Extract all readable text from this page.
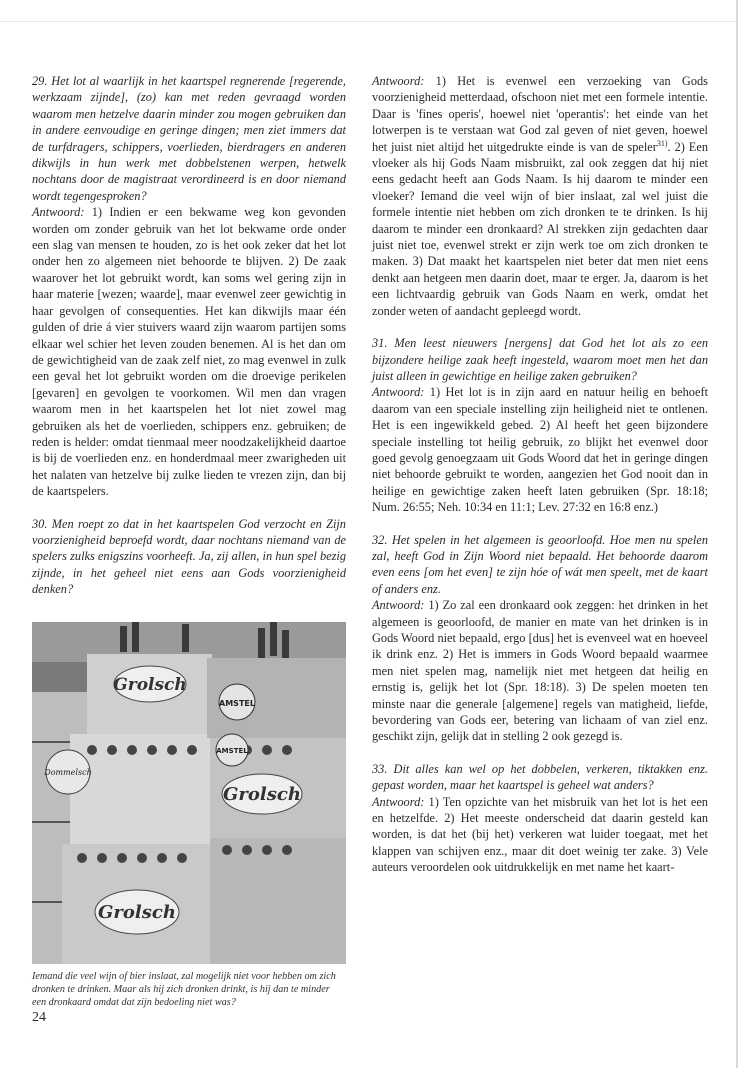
29. Het lot al waarlijk in het kaartspel regnerende [regerende, werkzaam zijnde], (zo) kan met reden gevraagd worden waarom men hetzelve daarin minder zou mogen gebruiken dan in andere eenvoudige en geringe dingen; men ziet immers dat de turfdragers, schippers, voerlieden, bierdragers en anderen dikwijls in hun werk met dobbelstenen werpen, hetwelk nochtans door de magistraat verordineerd is en door niemand wordt tegengesproken?

Antwoord: 1) Indien er een bekwame weg kon gevonden worden om zonder gebruik van het lot bekwame orde onder een slag van mensen te houden, zo is het ook zeker dat het lot onder hen zo algemeen niet behoorde te blijven. 2) De zaak waarover het lot gebruikt wordt, kan soms wel gering zijn in haar materie [wezen; waarde], maar evenwel zeer gewichtig in haar gevolgen of consequenties. Het kan dikwijls maar één gulden of drie á vier stuivers waard zijn waarom partijen soms elkaar wel schier het leven zouden benemen. Al is het dan om de gewichtigheid van de zaak zelf niet, zo mag evenwel in zulk een geval het lot gebruikt worden om die droevige perikelen [gevaren] en gevolgen te voorkomen. Wil men dan vragen waarom men in het kaartspelen het lot niet zowel mag gebruiken als het de voerlieden, schippers enz. gebruiken; de reden is helder: omdat tienmaal meer noodzakelijkheid daartoe is bij de voerlieden enz. en honderdmaal meer zwarigheden uit het nalaten van hetzelve bij zulke lieden te vrezen zijn, dan bij de kaartspelers.

30. Men roept zo dat in het kaartspelen God verzocht en Zijn voorzienigheid beproefd wordt, daar nochtans niemand van de spelers zulks enigszins voorheeft. Ja, zij allen, in hun spel bezig zijnde, in het geheel niet eens aan Gods voorzienigheid denken?

Grolsch
Grolsch
Grolsch
AMSTEL
AMSTEL
Dommelsch
Iemand die veel wijn of bier inslaat, zal mogelijk niet voor hebben om zich dronken te drinken. Maar als hij zich dronken drinkt, is hij dan te minder een dronkaard omdat dat zijn bedoeling niet was?

Antwoord: 1) Het is evenwel een verzoeking van Gods voorzienigheid metterdaad, ofschoon niet met een formele intentie. Daar is 'fines operis', hoewel niet 'operantis': het einde van het lotwerpen is te verstaan wat God zal geven of niet geven, hoewel het juist niet altijd het uitgedrukte einde is van de speler$^{31)}$. 2) Een vloeker als hij Gods Naam misbruikt, zal ook zeggen dat hij niet eens gedacht heeft aan Gods Naam. Is hij daarom te minder een vloeker? Iemand die veel wijn of bier inslaat, zal wel juist die formele intentie niet hebben om zich dronken te te drinken. Is hij daarom te minder een dronkaard? Al strekken zijn gedachten daar juist niet toe, evenwel strekt er zijn werk toe om zich dronken te maken. 3) Dat maakt het kaartspelen niet beter dat men niet eens denkt aan hetgeen men daarin doet, maar te erger. Ja, daarom is het een lichtvaardig gebruik van Gods Naam en werk, omdat het zonder weten of aandacht gepleegd wordt.

31. Men leest nieuwers [nergens] dat God het lot als zo een bijzondere heilige zaak heeft ingesteld, waarom moet men het dan juist alleen in gewichtige en heilige zaken gebruiken?

Antwoord: 1) Het lot is in zijn aard en natuur heilig en behoeft daarom van een speciale instelling zijn heiligheid niet te ontlenen. Het is een ingewikkeld gebed. 2) Al heeft het geen bijzondere speciale instelling tot heilig gebruik, zo blijkt het evenwel door goed gevolg genoegzaam uit Gods Woord dat het in geringe dingen niet behoorde gebruikt te worden, aangezien het God nooit dan in heilige en gewichtige zaken heeft laten gebruiken (Spr. 18:18; Num. 26:55; Neh. 10:34 en 11:1; Lev. 27:32 en 16:8 enz.)

32. Het spelen in het algemeen is geoorloofd. Hoe men nu spelen zal, heeft God in Zijn Woord niet bepaald. Het behoorde daarom even eens [om het even] te zijn hóe of wát men speelt, met de kaart of anders enz.

Antwoord: 1) Zo zal een dronkaard ook zeggen: het drinken in het algemeen is geoorloofd, de manier en mate van het drinken is in Gods Woord niet bepaald, ergo [dus] het is evenveel wat en hoeveel ik drink enz. 2) Het is immers in Gods Woord bepaald waarmee men niet spelen mag, namelijk niet met hetgeen dat heilig en ernstig is, gelijk het lot (Spr. 18:18). 3) De spelen moeten ten minste naar die generale [algemene] regels van matigheid, liefde, bevordering van Gods eer, betering van lichaam of van ziel enz. geschikt zijn, gelijk dat in stelling 2 ook gezegd is.

33. Dit alles kan wel op het dobbelen, verkeren, tiktakken enz. gepast worden, maar het kaartspel is geheel wat anders?

Antwoord: 1) Ten opzichte van het misbruik van het lot is het een en hetzelfde. 2) Het meeste onderscheid dat daarin gesteld kan worden, is dat het (bij het) verkeren wat luider toegaat, met het klappen van schijven enz., maar dit doet weinig ter zake. 3) Vele auteurs veroordelen ook uitdrukkelijk en met name het kaart-

24
